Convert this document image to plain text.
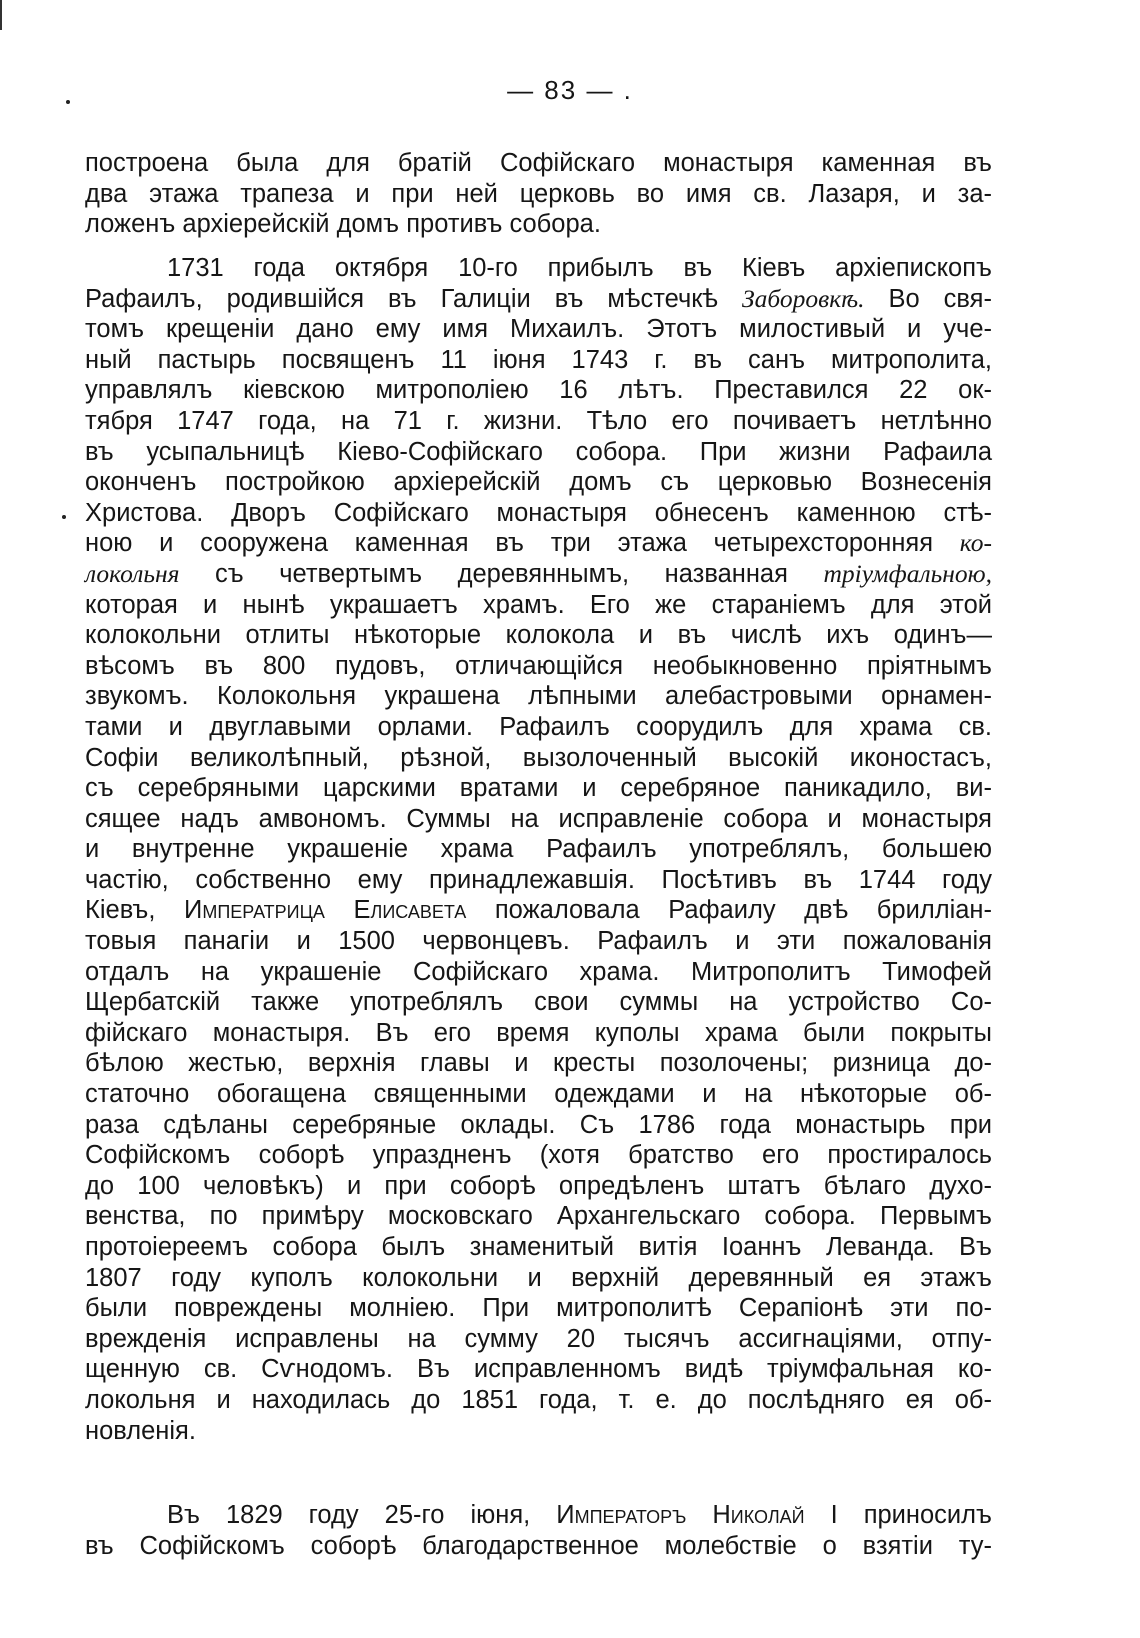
— 83 — .
построена была для братій Софійскаго монастыря каменная въ
два этажа трапеза и при ней церковь во имя св. Лазаря, и за-
ложенъ архіерейскій домъ противъ собора.
1731 года октября 10-го прибылъ въ Кіевъ архіепископъ
Рафаилъ, родившійся въ Галиціи въ мѣстечкѣ Заборовкѣ. Во свя-
томъ крещеніи дано ему имя Михаилъ. Этотъ милостивый и уче-
ный пастырь посвященъ 11 іюня 1743 г. въ санъ митрополита,
управлялъ кіевскою митрополіею 16 лѣтъ. Преставился 22 ок-
тября 1747 года, на 71 г. жизни. Тѣло его почиваетъ нетлѣнно
въ усыпальницѣ Кіево-Софійскаго собора. При жизни Рафаила
оконченъ постройкою архіерейскій домъ съ церковью Вознесенія
Христова. Дворъ Софійскаго монастыря обнесенъ каменною стѣ-
ною и сооружена каменная въ три этажа четырехсторонняя ко-
локольня съ четвертымъ деревяннымъ, названная тріумфальною,
которая и нынѣ украшаетъ храмъ. Его же стараніемъ для этой
колокольни отлиты нѣкоторые колокола и въ числѣ ихъ одинъ—
вѣсомъ въ 800 пудовъ, отличающійся необыкновенно пріятнымъ
звукомъ. Колокольня украшена лѣпными алебастровыми орнамен-
тами и двуглавыми орлами. Рафаилъ соорудилъ для храма св.
Софіи великолѣпный, рѣзной, вызолоченный высокій иконостасъ,
съ серебряными царскими вратами и серебряное паникадило, ви-
сящее надъ амвономъ. Суммы на исправленіе собора и монастыря
и внутренне украшеніе храма Рафаилъ употреблялъ, большею
частію, собственно ему принадлежавшія. Посѣтивъ въ 1744 году
Кіевъ, Императрица Елисавета пожаловала Рафаилу двѣ брилліан-
товыя панагіи и 1500 червонцевъ. Рафаилъ и эти пожалованія
отдалъ на украшеніе Софійскаго храма. Митрополитъ Тимофей
Щербатскій также употреблялъ свои суммы на устройство Со-
фійскаго монастыря. Въ его время куполы храма были покрыты
бѣлою жестью, верхнія главы и кресты позолочены; ризница до-
статочно обогащена священными одеждами и на нѣкоторые об-
раза сдѣланы серебряные оклады. Съ 1786 года монастырь при
Софійскомъ соборѣ упраздненъ (хотя братство его простиралось
до 100 человѣкъ) и при соборѣ опредѣленъ штатъ бѣлаго духо-
венства, по примѣру московскаго Архангельскаго собора. Первымъ
протоіереемъ собора былъ знаменитый витія Іоаннъ Леванда. Въ
1807 году куполъ колокольни и верхній деревянный ея этажъ
были повреждены молніею. При митрополитѣ Серапіонѣ эти по-
врежденія исправлены на сумму 20 тысячъ ассигнаціями, отпу-
щенную св. Сѵнодомъ. Въ исправленномъ видѣ тріумфальная ко-
локольня и находилась до 1851 года, т. е. до послѣдняго ея об-
новленія.
Въ 1829 году 25-го іюня, Императоръ Николай I приносилъ
въ Софійскомъ соборѣ благодарственное молебствіе о взятіи ту-
